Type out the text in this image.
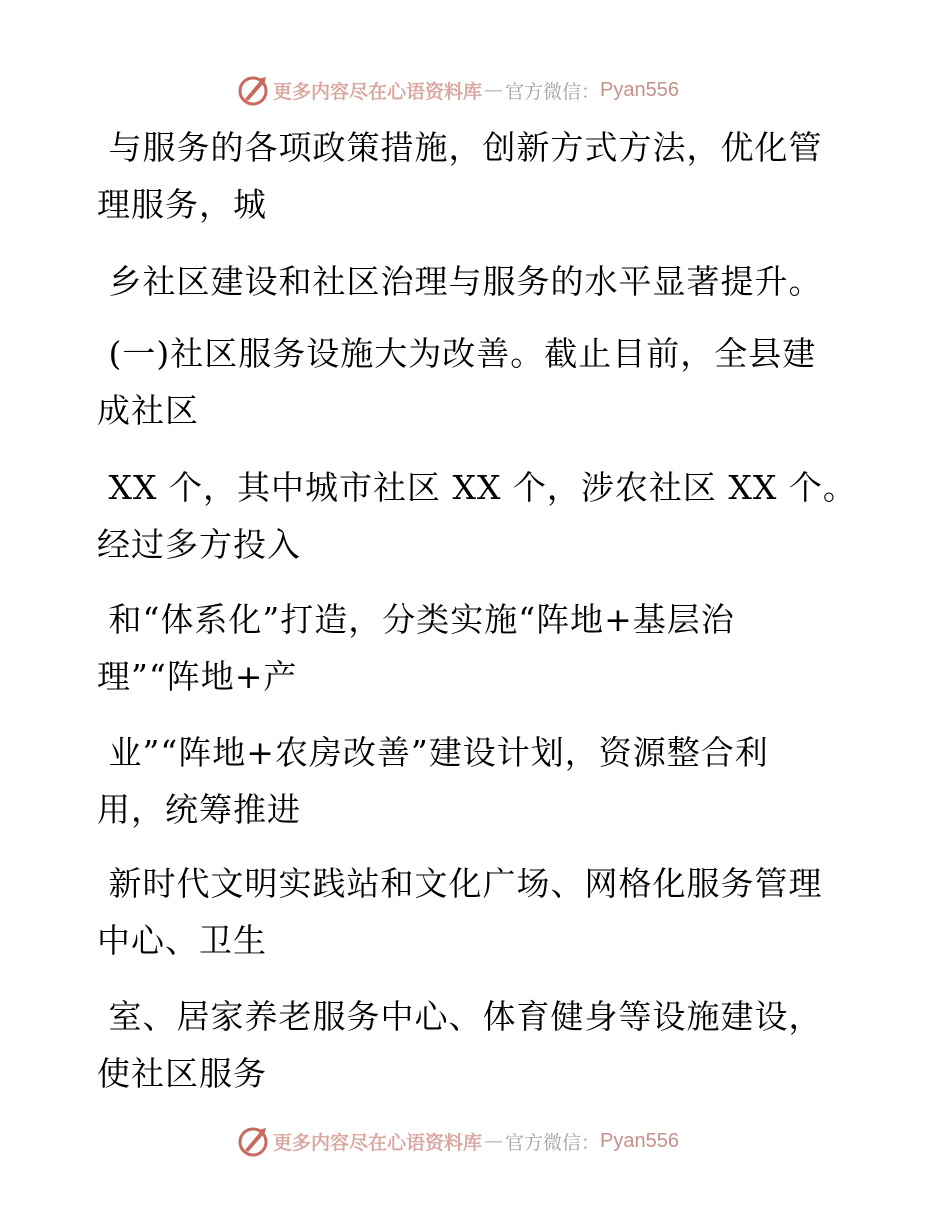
更多内容尽在心语资料库 — 官方微信： Pyan556
与服务的各项政策措施，创新方式方法，优化管
理服务，城
乡社区建设和社区治理与服务的水平显著提升。
(一)社区服务设施大为改善。截止目前，全县建
成社区
XX 个，其中城市社区 XX 个，涉农社区 XX 个。
经过多方投入
和“体系化”打造，分类实施“阵地+基层治
理”“阵地+产
业”“阵地+农房改善”建设计划，资源整合利
用，统筹推进
新时代文明实践站和文化广场、网格化服务管理
中心、卫生
室、居家养老服务中心、体育健身等设施建设，
使社区服务
更多内容尽在心语资料库 — 官方微信： Pyan556
